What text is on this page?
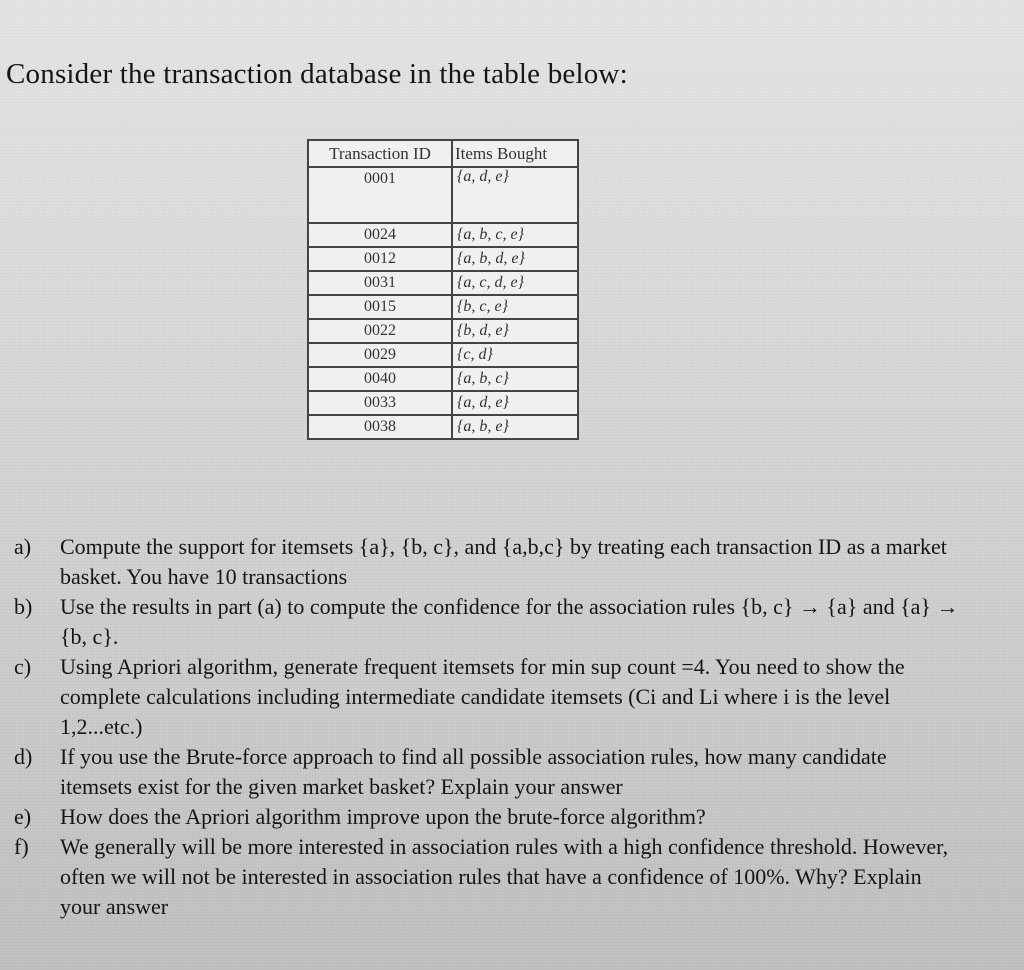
Consider the transaction database in the table below:
Transaction ID	Items Bought
0001	{a, d, e}
0024	{a, b, c, e}
0012	{a, b, d, e}
0031	{a, c, d, e}
0015	{b, c, e}
0022	{b, d, e}
0029	{c, d}
0040	{a, b, c}
0033	{a, d, e}
0038	{a, b, e}
a)	Compute the support for itemsets {a}, {b, c}, and {a,b,c} by treating each transaction ID as a market basket. You have 10 transactions
b)	Use the results in part (a) to compute the confidence for the association rules {b, c} → {a} and {a} → {b, c}.
c)	Using Apriori algorithm, generate frequent itemsets for min sup count =4. You need to show the complete calculations including intermediate candidate itemsets (Ci and Li where i is the level 1,2...etc.)
d)	If you use the Brute-force approach to find all possible association rules, how many candidate itemsets exist for the given market basket? Explain your answer
e)	How does the Apriori algorithm improve upon the brute-force algorithm?
f)	We generally will be more interested in association rules with a high confidence threshold. However, often we will not be interested in association rules that have a confidence of 100%. Why? Explain your answer
